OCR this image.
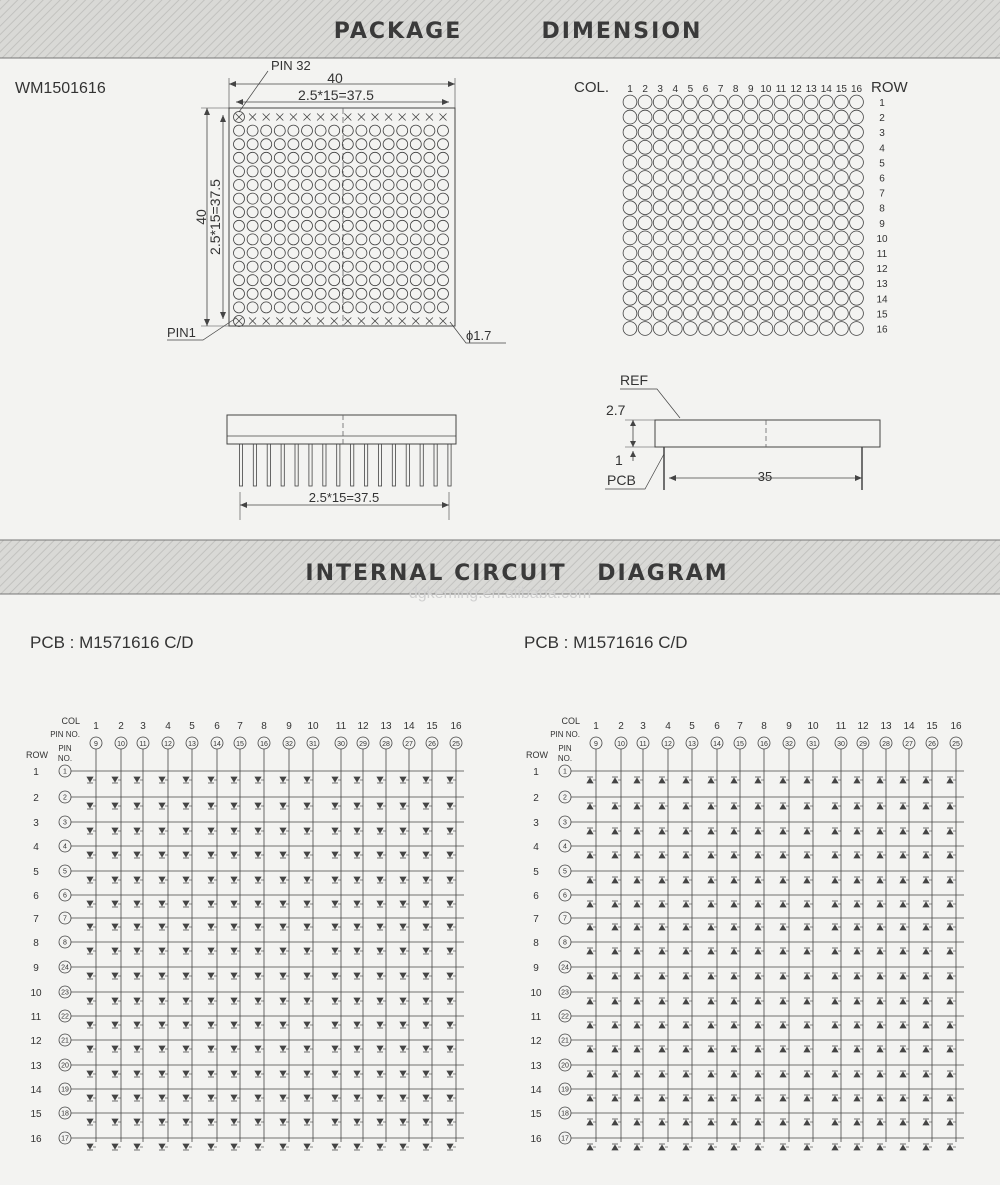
PACKAGE	DIMENSION
INTERNAL CIRCUIT DIAGRAM
dgkeming.en.alibaba.com
WM1501616
40
2.5*15=37.5
40
2.5*15=37.5
PIN 32
PIN1	ϕ1.7
2.5*15=37.5
COL.	ROW
1 2 3 4 5 6 7 8 9 10 11 12 13 14 15 16
1
2
3
4
5
6
7
8
9
10
11
12
13
14
15
16
35
REF
2.7
1
PCB
PCB : M1571616 C/D	PCB : M1571616 C/D
COL
PIN NO.
ROW
PIN
NO.
1 2 3 4 5 6 7 8 9 10 11 12 13 14 15 16
9	10 11 12 13 14 15 16 32 31	30 29 28 27 26 25
1
2
3
4
5
6
7
8
9
10
11
12
13
14
15
16
1
2
3
4
5
6
7
8
24
23
22
21
20
19
18
17
COL
PIN NO.
ROW
PIN
NO.
1 2 3 4 5 6 7 8 9 10 11 12 13 14 15 16
9	10 11 12 13 14 15 16 32 31	30 29 28 27 26 25
1
2
3
4
5
6
7
8
9
10
11
12
13
14
15
16
1
2
3
4
5
6
7
8
24
23
22
21
20
19
18
17
